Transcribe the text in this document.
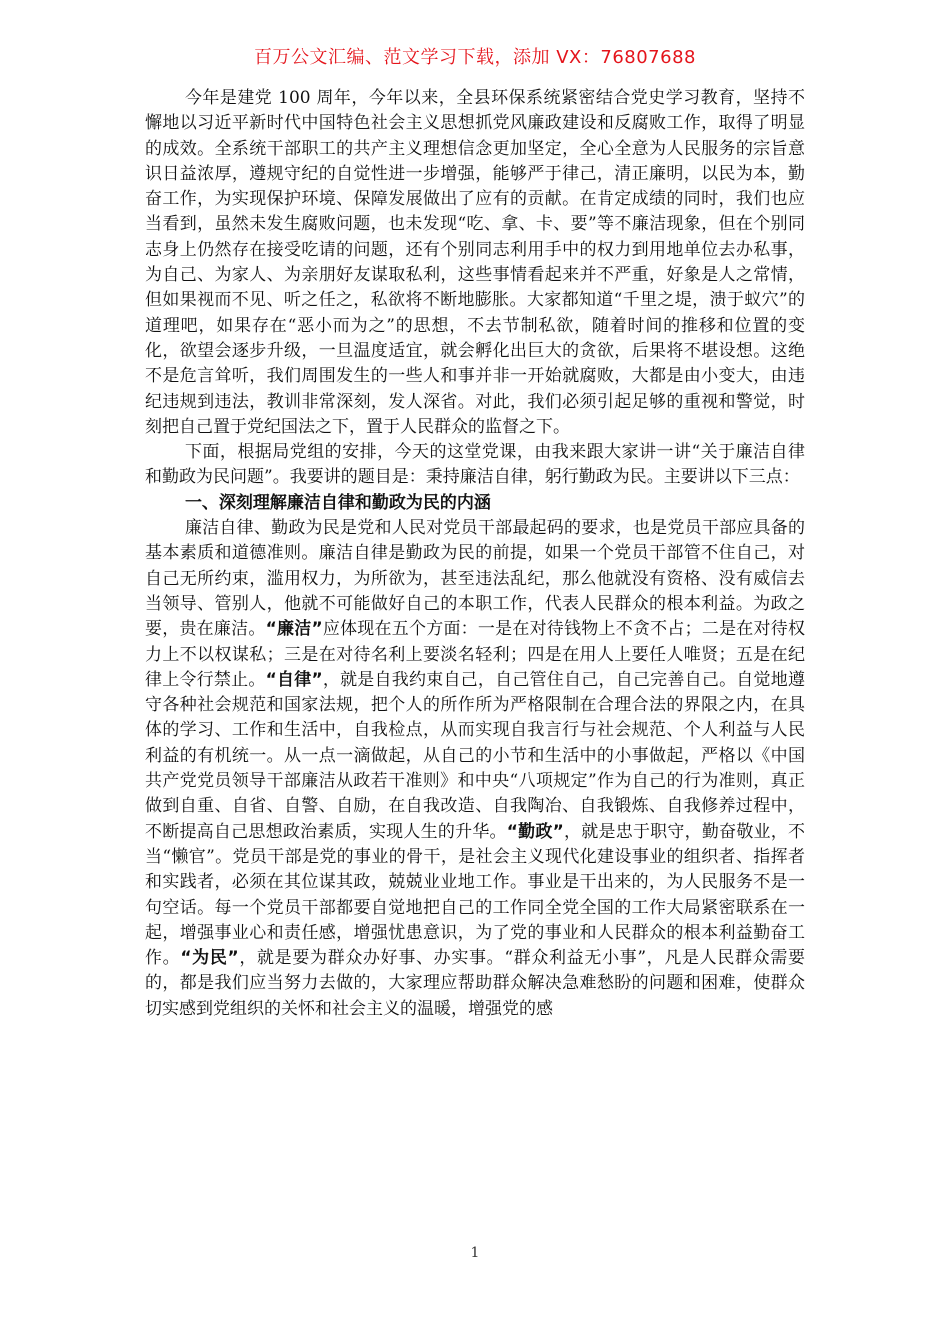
百万公文汇编、范文学习下载，添加 VX：76807688

今年是建党 100 周年，今年以来，全县环保系统紧密结合党史学习教育，坚持不懈地以习近平新时代中国特色社会主义思想抓党风廉政建设和反腐败工作，取得了明显的成效。全系统干部职工的共产主义理想信念更加坚定，全心全意为人民服务的宗旨意识日益浓厚，遵规守纪的自觉性进一步增强，能够严于律己，清正廉明，以民为本，勤奋工作，为实现保护环境、保障发展做出了应有的贡献。在肯定成绩的同时，我们也应当看到，虽然未发生腐败问题，也未发现“吃、拿、卡、要”等不廉洁现象，但在个别同志身上仍然存在接受吃请的问题，还有个别同志利用手中的权力到用地单位去办私事，为自己、为家人、为亲朋好友谋取私利，这些事情看起来并不严重，好象是人之常情，但如果视而不见、听之任之，私欲将不断地膨胀。大家都知道“千里之堤，溃于蚁穴”的道理吧，如果存在“恶小而为之”的思想，不去节制私欲，随着时间的推移和位置的变化，欲望会逐步升级，一旦温度适宜，就会孵化出巨大的贪欲，后果将不堪设想。这绝不是危言耸听，我们周围发生的一些人和事并非一开始就腐败，大都是由小变大，由违纪违规到违法，教训非常深刻，发人深省。对此，我们必须引起足够的重视和警觉，时刻把自己置于党纪国法之下，置于人民群众的监督之下。

下面，根据局党组的安排，今天的这堂党课，由我来跟大家讲一讲“关于廉洁自律和勤政为民问题”。我要讲的题目是：秉持廉洁自律，躬行勤政为民。主要讲以下三点：

一、深刻理解廉洁自律和勤政为民的内涵

廉洁自律、勤政为民是党和人民对党员干部最起码的要求，也是党员干部应具备的基本素质和道德准则。廉洁自律是勤政为民的前提，如果一个党员干部管不住自己，对自己无所约束，滥用权力，为所欲为，甚至违法乱纪，那么他就没有资格、没有威信去当领导、管别人，他就不可能做好自己的本职工作，代表人民群众的根本利益。为政之要，贵在廉洁。“廉洁”应体现在五个方面：一是在对待钱物上不贪不占；二是在对待权力上不以权谋私；三是在对待名利上要淡名轻利；四是在用人上要任人唯贤；五是在纪律上令行禁止。“自律”，就是自我约束自己，自己管住自己，自己完善自己。自觉地遵守各种社会规范和国家法规，把个人的所作所为严格限制在合理合法的界限之内，在具体的学习、工作和生活中，自我检点，从而实现自我言行与社会规范、个人利益与人民利益的有机统一。从一点一滴做起，从自己的小节和生活中的小事做起，严格以《中国共产党党员领导干部廉洁从政若干准则》和中央“八项规定”作为自己的行为准则，真正做到自重、自省、自警、自励，在自我改造、自我陶冶、自我锻炼、自我修养过程中，不断提高自己思想政治素质，实现人生的升华。“勤政”，就是忠于职守，勤奋敬业，不当“懒官”。党员干部是党的事业的骨干，是社会主义现代化建设事业的组织者、指挥者和实践者，必须在其位谋其政，兢兢业业地工作。事业是干出来的，为人民服务不是一句空话。每一个党员干部都要自觉地把自己的工作同全党全国的工作大局紧密联系在一起，增强事业心和责任感，增强忧患意识，为了党的事业和人民群众的根本利益勤奋工作。“为民”，就是要为群众办好事、办实事。“群众利益无小事”，凡是人民群众需要的，都是我们应当努力去做的，大家理应帮助群众解决急难愁盼的问题和困难，使群众切实感到党组织的关怀和社会主义的温暖，增强党的感

1
